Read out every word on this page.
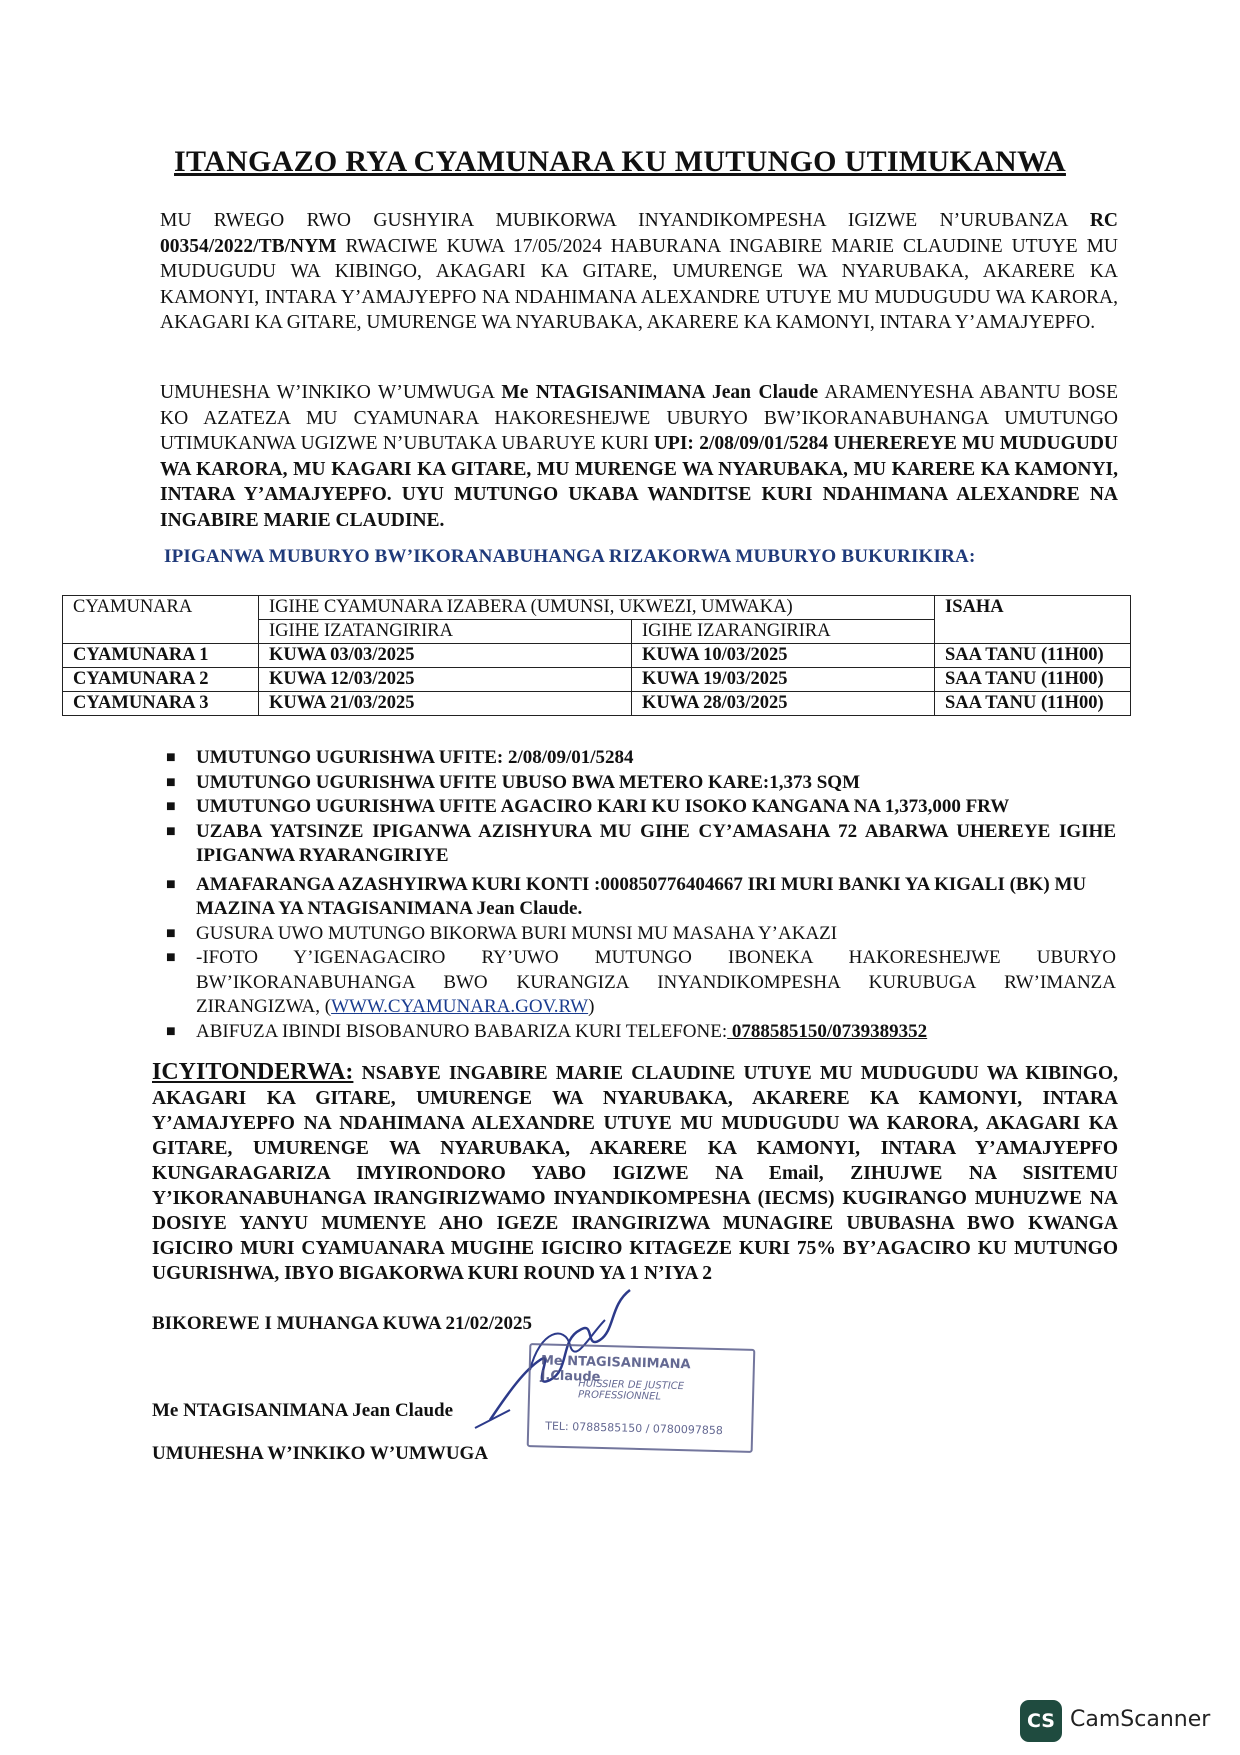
ITANGAZO RYA CYAMUNARA KU MUTUNGO UTIMUKANWA
MU RWEGO RWO GUSHYIRA MUBIKORWA INYANDIKOMPESHA IGIZWE N’URUBANZA RC 00354/2022/TB/NYM RWACIWE KUWA 17/05/2024 HABURANA INGABIRE MARIE CLAUDINE UTUYE MU MUDUGUDU WA KIBINGO, AKAGARI KA GITARE, UMURENGE WA NYARUBAKA, AKARERE KA KAMONYI, INTARA Y’AMAJYEPFO NA NDAHIMANA ALEXANDRE UTUYE MU MUDUGUDU WA KARORA, AKAGARI KA GITARE, UMURENGE WA NYARUBAKA, AKARERE KA KAMONYI, INTARA Y’AMAJYEPFO.
UMUHESHA W’INKIKO W’UMWUGA Me NTAGISANIMANA Jean Claude ARAMENYESHA ABANTU BOSE KO AZATEZA MU CYAMUNARA HAKORESHEJWE UBURYO BW’IKORANABUHANGA UMUTUNGO UTIMUKANWA UGIZWE N’UBUTAKA UBARUYE KURI UPI: 2/08/09/01/5284 UHEREREYE MU MUDUGUDU WA KARORA, MU KAGARI KA GITARE, MU MURENGE WA NYARUBAKA, MU KARERE KA KAMONYI, INTARA Y’AMAJYEPFO. UYU MUTUNGO UKABA WANDITSE KURI NDAHIMANA ALEXANDRE NA INGABIRE MARIE CLAUDINE.
IPIGANWA MUBURYO BW’IKORANABUHANGA RIZAKORWA MUBURYO BUKURIKIRA:
CYAMUNARA	IGIHE CYAMUNARA IZABERA (UMUNSI, UKWEZI, UMWAKA)		ISAHA
	IGIHE IZATANGIRIRA	IGIHE IZARANGIRIRA	
CYAMUNARA 1	KUWA 03/03/2025	KUWA 10/03/2025	SAA TANU (11H00)
CYAMUNARA 2	KUWA 12/03/2025	KUWA 19/03/2025	SAA TANU (11H00)
CYAMUNARA 3	KUWA 21/03/2025	KUWA 28/03/2025	SAA TANU (11H00)
■ UMUTUNGO UGURISHWA UFITE: 2/08/09/01/5284
■ UMUTUNGO UGURISHWA UFITE UBUSO BWA METERO KARE:1,373 SQM
■ UMUTUNGO UGURISHWA UFITE AGACIRO KARI KU ISOKO KANGANA NA 1,373,000 FRW
■ UZABA YATSINZE IPIGANWA AZISHYURA MU GIHE CY’AMASAHA 72 ABARWA UHEREYE IGIHE IPIGANWA RYARANGIRIYE
■ AMAFARANGA AZASHYIRWA KURI KONTI :000850776404667 IRI MURI BANKI YA KIGALI (BK) MU MAZINA YA NTAGISANIMANA Jean Claude.
■ GUSURA UWO MUTUNGO BIKORWA BURI MUNSI MU MASAHA Y’AKAZI
■ -IFOTO Y’IGENAGACIRO RY’UWO MUTUNGO IBONEKA HAKORESHEJWE UBURYO BW’IKORANABUHANGA BWO KURANGIZA INYANDIKOMPESHA KURUBUGA RW’IMANZA ZIRANGIZWA, (WWW.CYAMUNARA.GOV.RW)
■ ABIFUZA IBINDI BISOBANURO BABARIZA KURI TELEFONE: 0788585150/0739389352
ICYITONDERWA: NSABYE INGABIRE MARIE CLAUDINE UTUYE MU MUDUGUDU WA KIBINGO, AKAGARI KA GITARE, UMURENGE WA NYARUBAKA, AKARERE KA KAMONYI, INTARA Y’AMAJYEPFO NA NDAHIMANA ALEXANDRE UTUYE MU MUDUGUDU WA KARORA, AKAGARI KA GITARE, UMURENGE WA NYARUBAKA, AKARERE KA KAMONYI, INTARA Y’AMAJYEPFO KUNGARAGARIZA IMYIRONDORO YABO IGIZWE NA Email, ZIHUJWE NA SISITEMU Y’IKORANABUHANGA IRANGIRIZWAMO INYANDIKOMPESHA (IECMS) KUGIRANGO MUHUZWE NA DOSIYE YANYU MUMENYE AHO IGEZE IRANGIRIZWA MUNAGIRE UBUBASHA BWO KWANGA IGICIRO MURI CYAMUANARA MUGIHE IGICIRO KITAGEZE KURI 75% BY’AGACIRO KU MUTUNGO UGURISHWA, IBYO BIGAKORWA KURI ROUND YA 1 N’IYA 2
BIKOREWE I MUHANGA KUWA 21/02/2025
Me NTAGISANIMANA J.Claude
HUISSIER DE JUSTICE PROFESSIONNEL
TEL: 0788585150 / 0780097858
Me NTAGISANIMANA Jean Claude
UMUHESHA W’INKIKO W’UMWUGA
CS CamScanner
